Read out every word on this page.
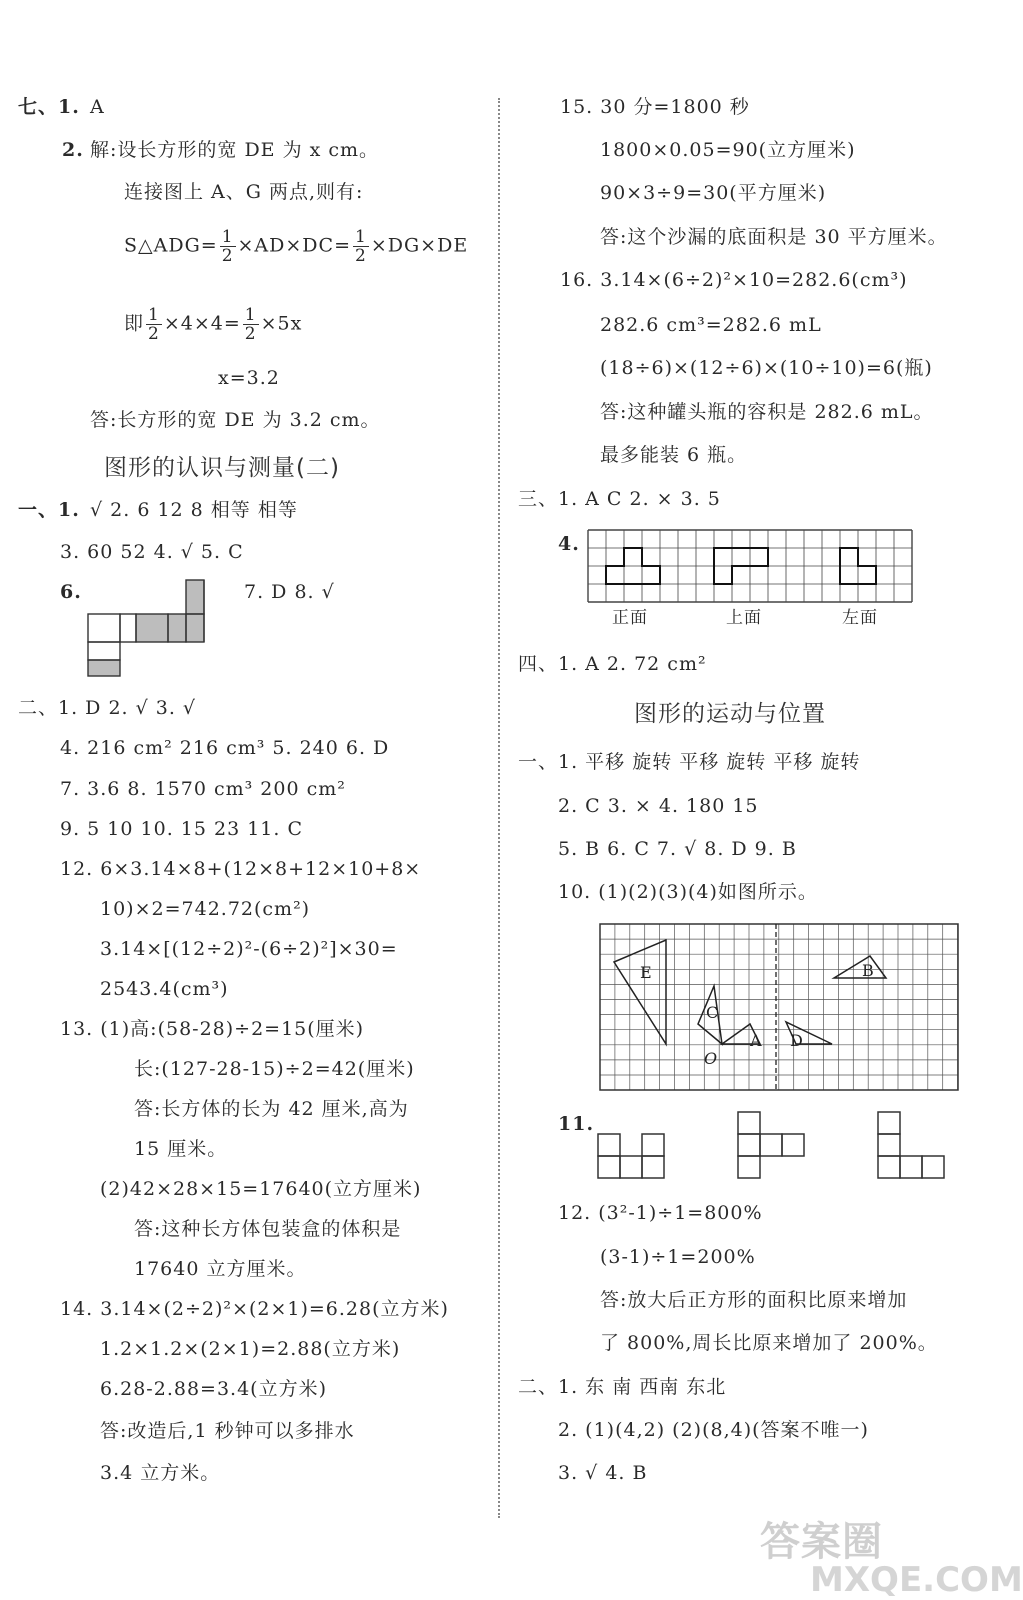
七、1. A
2. 解:设长方形的宽 DE 为 x cm。
连接图上 A、G 两点,则有:
S△ADG= $\frac{1}{2} \times AD\times DC= \frac{1}{2} \times DG\times DE$
即 $\frac{1}{2} \times 4\times 4= \frac{1}{2} \times 5x$
x=3.2
答:长方形的宽 DE 为 3.2 cm。
图形的认识与测量(二)
一、1. √ 2. 6 12 8 相等 相等
3. 60 52 4. √ 5. C
6.	7. D 8. √
二、1. D 2. √ 3. √
4. 216 cm² 216 cm³ 5. 240 6. D
7. 3.6 8. 1570 cm³ 200 cm²
9. 5 10 10. 15 23 11. C
12. 6×3.14×8+(12×8+12×10+8×
10)×2=742.72(cm²)
3.14×[(12÷2)²-(6÷2)²]×30=
2543.4(cm³)
13. (1)高:(58-28)÷2=15(厘米)
长:(127-28-15)÷2=42(厘米)
答:长方体的长为 42 厘米,高为
15 厘米。
(2)42×28×15=17640(立方厘米)
答:这种长方体包装盒的体积是
17640 立方厘米。
14. 3.14×(2÷2)²×(2×1)=6.28(立方米)
1.2×1.2×(2×1)=2.88(立方米)
6.28-2.88=3.4(立方米)
答:改造后,1 秒钟可以多排水
3.4 立方米。
15. 30 分=1800 秒
1800×0.05=90(立方厘米)
90×3÷9=30(平方厘米)
答:这个沙漏的底面积是 30 平方厘米。
16. 3.14×(6÷2)²×10=282.6(cm³)
282.6 cm³=282.6 mL
(18÷6)×(12÷6)×(10÷10)=6(瓶)
答:这种罐头瓶的容积是 282.6 mL。
最多能装 6 瓶。
三、1. A C 2. × 3. 5
4.
正面	上面	左面
四、1. A 2. 72 cm²
图形的运动与位置
一、1. 平移 旋转 平移 旋转 平移 旋转
2. C 3. × 4. 180 15
5. B 6. C 7. √ 8. D 9. B
10. (1)(2)(3)(4)如图所示。
E	B
C
A D
O
11.
12. (3²-1)÷1=800%
(3-1)÷1=200%
答:放大后正方形的面积比原来增加
了 800%,周长比原来增加了 200%。
二、1. 东 南 西南 东北
2. (1)(4,2) (2)(8,4)(答案不唯一)
3. √ 4. B
答案圈
MXQE.COM
